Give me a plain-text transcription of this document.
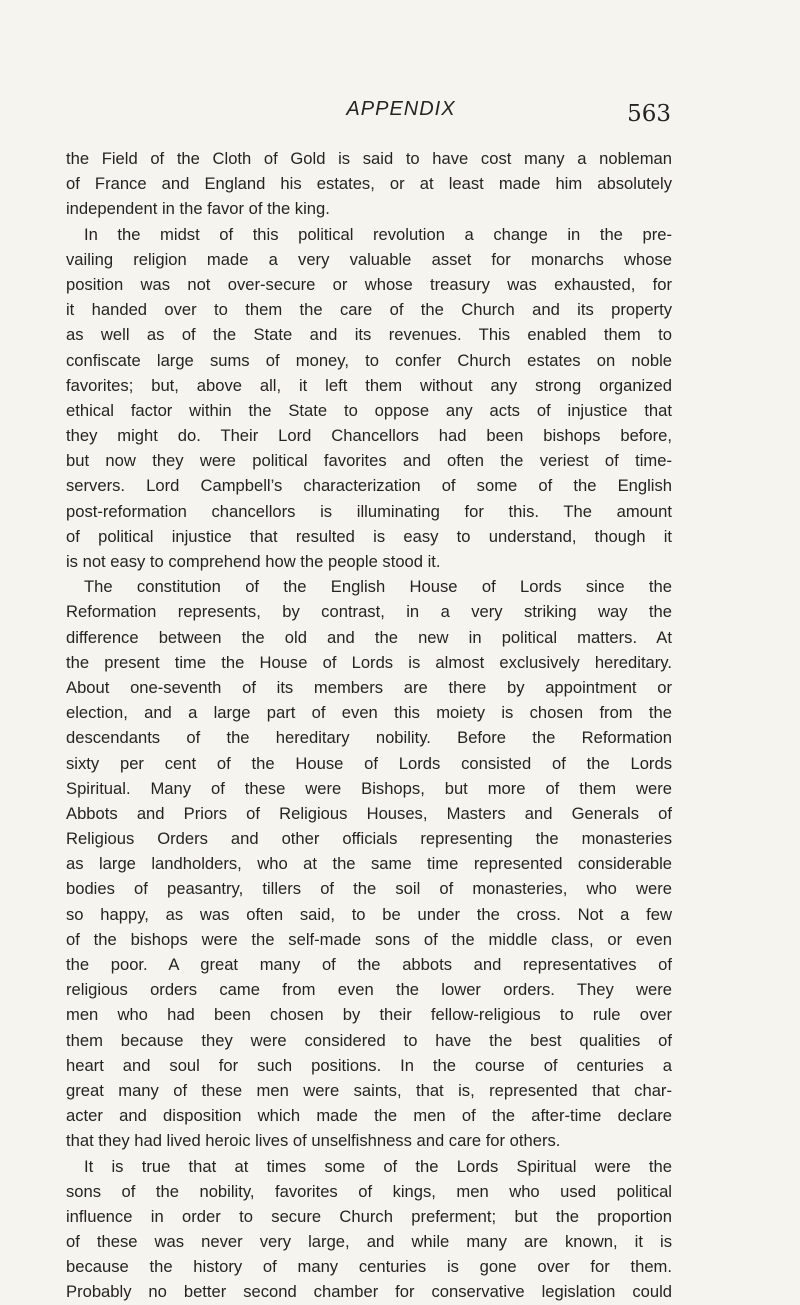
APPENDIX	563
the Field of the Cloth of Gold is said to have cost many a nobleman
of France and England his estates, or at least made him absolutely
independent in the favor of the king.
In the midst of this political revolution a change in the pre-
vailing religion made a very valuable asset for monarchs whose
position was not over-secure or whose treasury was exhausted, for
it handed over to them the care of the Church and its property
as well as of the State and its revenues. This enabled them to
confiscate large sums of money, to confer Church estates on noble
favorites; but, above all, it left them without any strong organized
ethical factor within the State to oppose any acts of injustice that
they might do. Their Lord Chancellors had been bishops before,
but now they were political favorites and often the veriest of time-
servers. Lord Campbell’s characterization of some of the English
post-reformation chancellors is illuminating for this. The amount
of political injustice that resulted is easy to understand, though it
is not easy to comprehend how the people stood it.
The constitution of the English House of Lords since the
Reformation represents, by contrast, in a very striking way the
difference between the old and the new in political matters. At
the present time the House of Lords is almost exclusively hereditary.
About one-seventh of its members are there by appointment or
election, and a large part of even this moiety is chosen from the
descendants of the hereditary nobility. Before the Reformation
sixty per cent of the House of Lords consisted of the Lords
Spiritual. Many of these were Bishops, but more of them were
Abbots and Priors of Religious Houses, Masters and Generals of
Religious Orders and other officials representing the monasteries
as large landholders, who at the same time represented considerable
bodies of peasantry, tillers of the soil of monasteries, who were
so happy, as was often said, to be under the cross. Not a few
of the bishops were the self-made sons of the middle class, or even
the poor. A great many of the abbots and representatives of
religious orders came from even the lower orders. They were
men who had been chosen by their fellow-religious to rule over
them because they were considered to have the best qualities of
heart and soul for such positions. In the course of centuries a
great many of these men were saints, that is, represented that char-
acter and disposition which made the men of the after-time declare
that they had lived heroic lives of unselfishness and care for others.
It is true that at times some of the Lords Spiritual were the
sons of the nobility, favorites of kings, men who used political
influence in order to secure Church preferment; but the proportion
of these was never very large, and while many are known, it is
because the history of many centuries is gone over for them.
Probably no better second chamber for conservative legislation could
